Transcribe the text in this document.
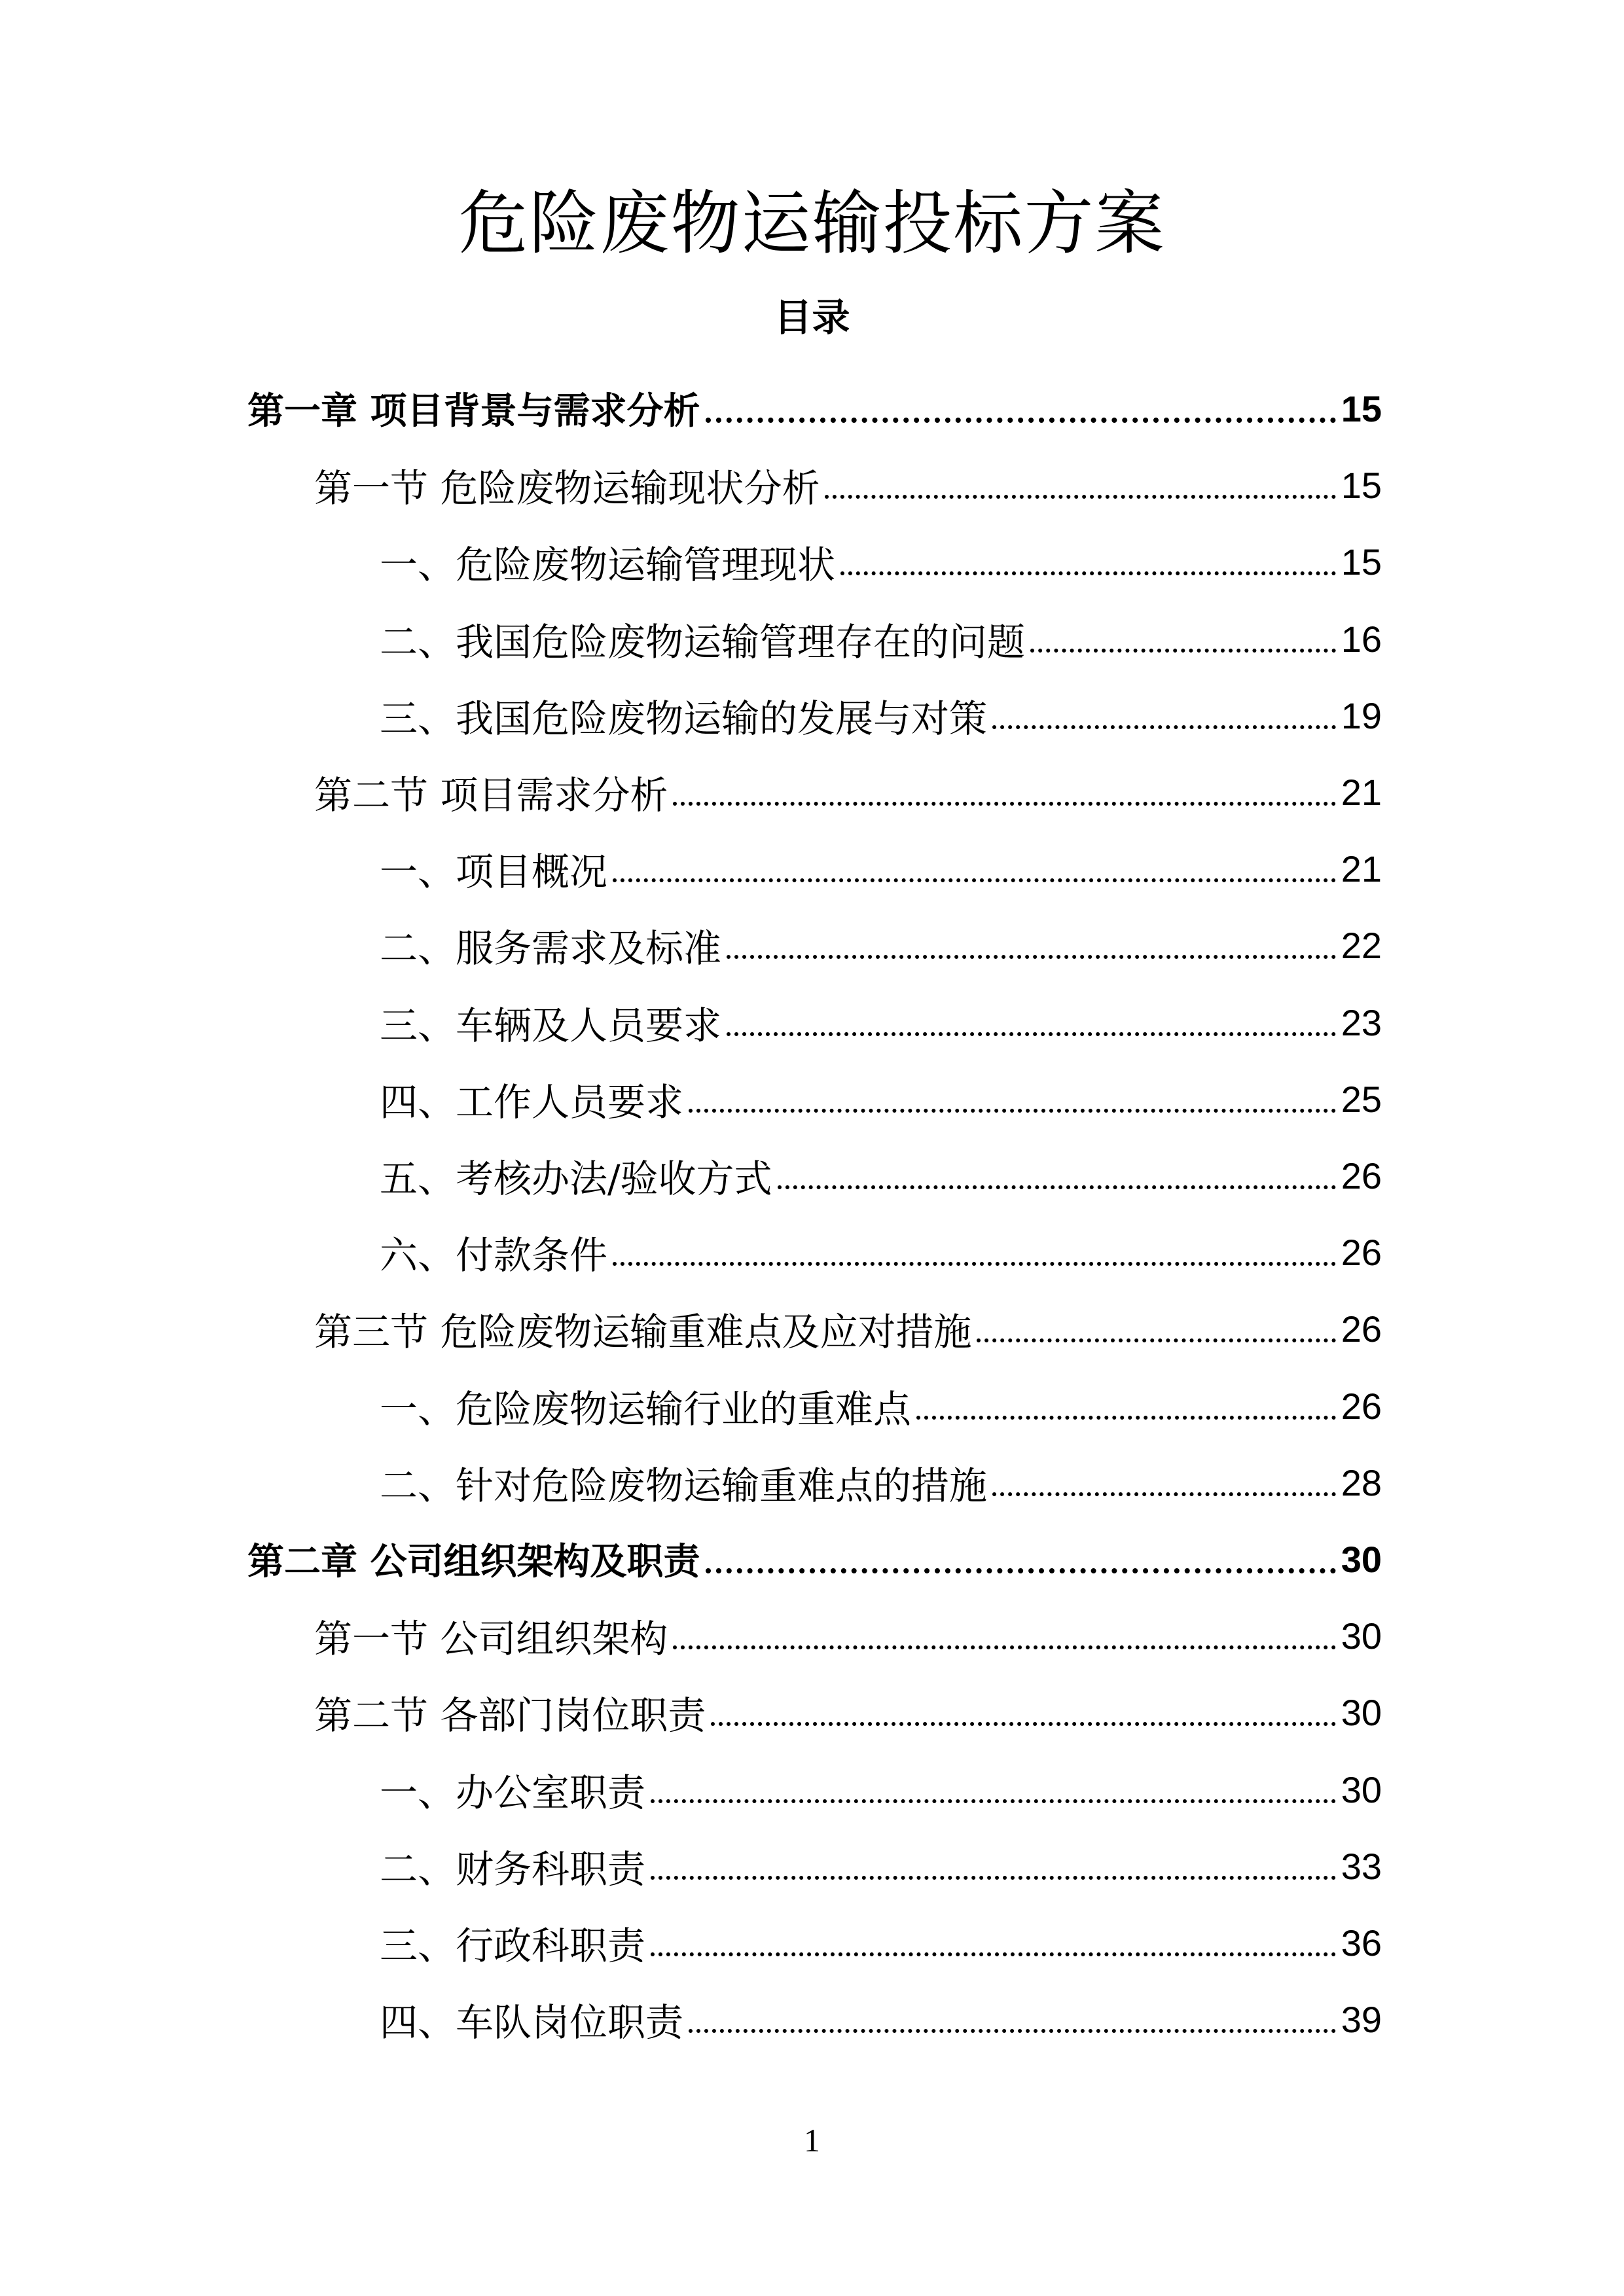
危险废物运输投标方案
目录
第一章 项目背景与需求分析	15
第一节 危险废物运输现状分析	15
一、危险废物运输管理现状	15
二、我国危险废物运输管理存在的问题	16
三、我国危险废物运输的发展与对策	19
第二节 项目需求分析	21
一、项目概况	21
二、服务需求及标准	22
三、车辆及人员要求	23
四、工作人员要求	25
五、考核办法/验收方式	26
六、付款条件	26
第三节 危险废物运输重难点及应对措施	26
一、危险废物运输行业的重难点	26
二、针对危险废物运输重难点的措施	28
第二章 公司组织架构及职责	30
第一节 公司组织架构	30
第二节 各部门岗位职责	30
一、办公室职责	30
二、财务科职责	33
三、行政科职责	36
四、车队岗位职责	39
1
